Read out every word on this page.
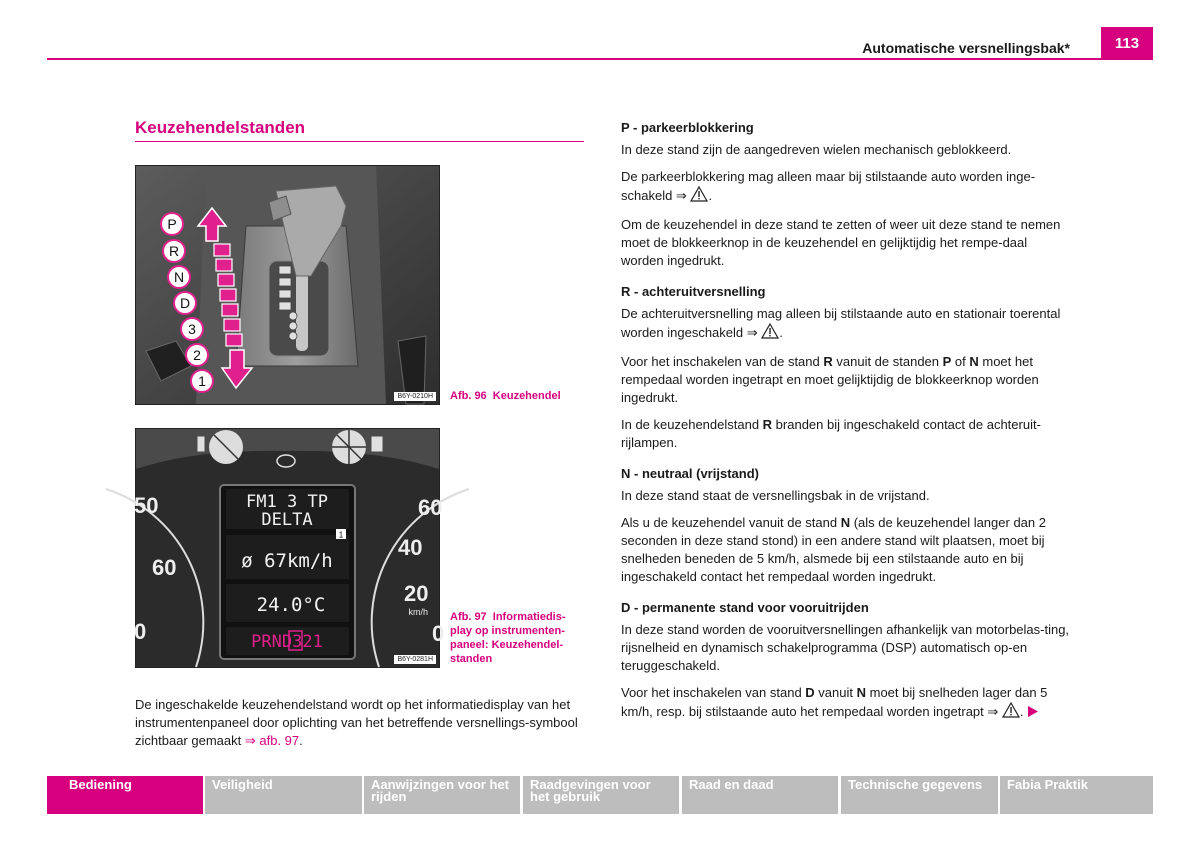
Automatische versnellingsbak*	113
Keuzehendelstanden
P
R
N
D
3
2
1
B6Y-0210H Afb. 96  Keuzehendel
1
FM1 3 TP
DELTA
ø 67km/h
24.0°C
PRND321
50
60
0
60
40
20
0
km/h
B6Y-0281H
Afb. 97  Informatiedis-
play op instrumenten-
paneel: Keuzehendel-
standen
De ingeschakelde keuzehendelstand wordt op het informatiedisplay van het instrumentenpaneel door oplichting van het betreffende versnellings-symbool zichtbaar gemaakt ⇒ afb. 97.
P - parkeerblokkering
In deze stand zijn de aangedreven wielen mechanisch geblokkeerd.
De parkeerblokkering mag alleen maar bij stilstaande auto worden inge-schakeld ⇒ .
Om de keuzehendel in deze stand te zetten of weer uit deze stand te nemen moet de blokkeerknop in de keuzehendel en gelijktijdig het rempe-daal worden ingedrukt.
R - achteruitversnelling
De achteruitversnelling mag alleen bij stilstaande auto en stationair toerental worden ingeschakeld ⇒ .
Voor het inschakelen van de stand R vanuit de standen P of N moet het rempedaal worden ingetrapt en moet gelijktijdig de blokkeerknop worden ingedrukt.
In de keuzehendelstand R branden bij ingeschakeld contact de achteruit-rijlampen.
N - neutraal (vrijstand)
In deze stand staat de versnellingsbak in de vrijstand.
Als u de keuzehendel vanuit de stand N (als de keuzehendel langer dan 2 seconden in deze stand stond) in een andere stand wilt plaatsen, moet bij snelheden beneden de 5 km/h, alsmede bij een stilstaande auto en bij ingeschakeld contact het rempedaal worden ingedrukt.
D - permanente stand voor vooruitrijden
In deze stand worden de vooruitversnellingen afhankelijk van motorbelas-ting, rijsnelheid en dynamisch schakelprogramma (DSP) automatisch op-en teruggeschakeld.
Voor het inschakelen van stand D vanuit N moet bij snelheden lager dan 5 km/h, resp. bij stilstaande auto het rempedaal worden ingetrapt ⇒ .
Bediening	Veiligheid	Aanwijzingen voor het rijden
Raadgevingen voor het gebruik
Raad en daad	Technische gegevens	Fabia Praktik
